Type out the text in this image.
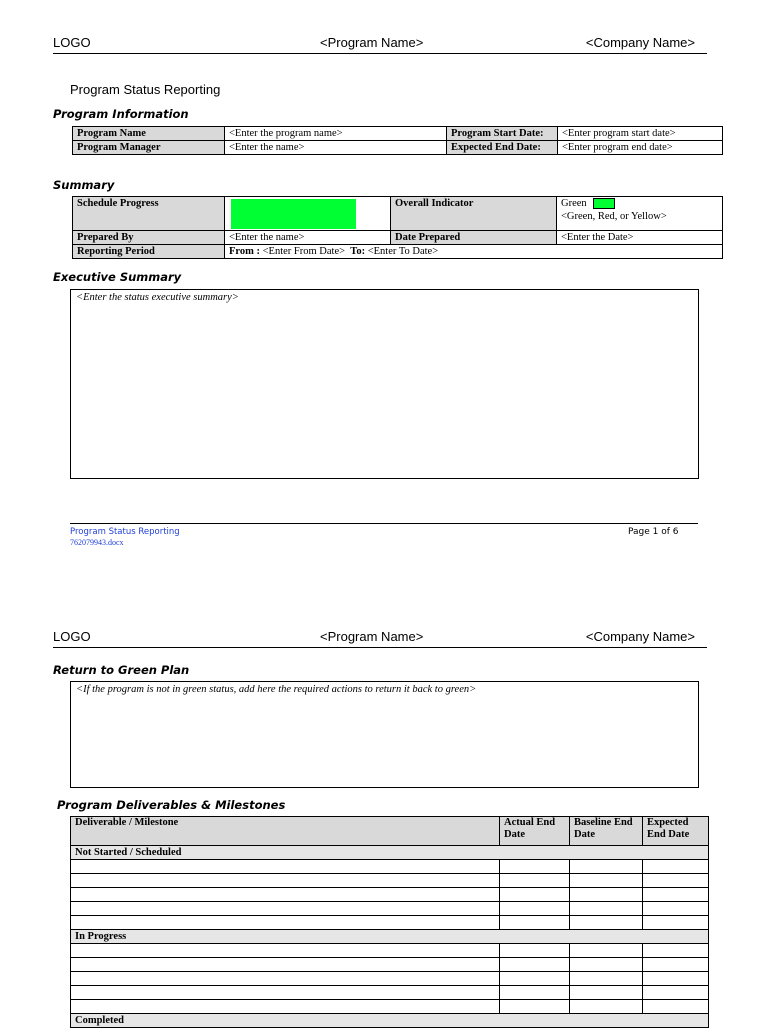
LOGO	<Program Name>	<Company Name>
Program Status Reporting
Program Information
Program Name	<Enter the program name>	Program Start Date:	<Enter program start date>
Program Manager	<Enter the name>	Expected End Date:	<Enter program end date>
Summary
Schedule Progress		Overall Indicator	Green
<Green, Red, or Yellow>

Prepared By	<Enter the name>	Date Prepared	<Enter the Date>
Reporting Period	From : <Enter From Date> To: <Enter To Date>		
Executive Summary
<Enter the status executive summary>
Program Status Reporting
762079943.docx
Page 1 of 6
LOGO	<Program Name>	<Company Name>
Return to Green Plan
<If the program is not in green status, add here the required actions to return it back to green>
Program Deliverables & Milestones
Deliverable / Milestone	Actual End Date	Baseline End Date	Expected End Date
Not Started / Scheduled			

In Progress			

Completed			
